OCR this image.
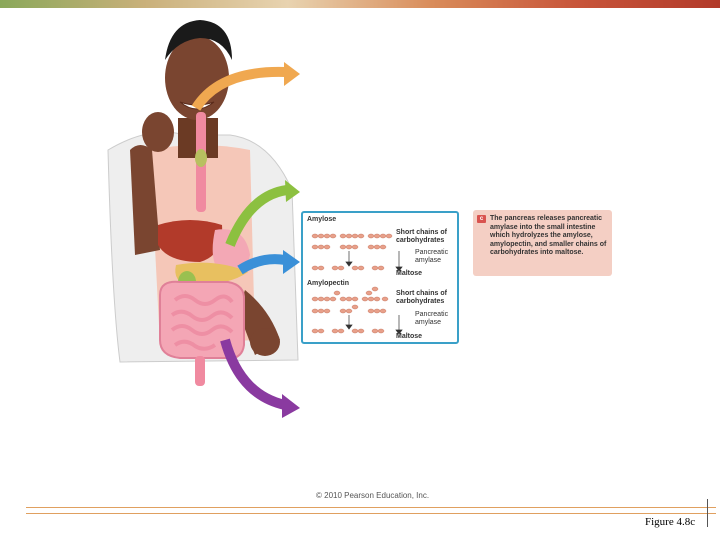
Amylose
Short chains of
carbohydrates
Pancreatic
amylase
Maltose
Amylopectin
Short chains of
carbohydrates
Pancreatic
amylase
Maltose
c The pancreas releases pancreatic amylase into the small intestine which hydrolyzes the amylose, amylopectin, and smaller chains of carbohydrates into maltose.
© 2010 Pearson Education, Inc.
Figure 4.8c
